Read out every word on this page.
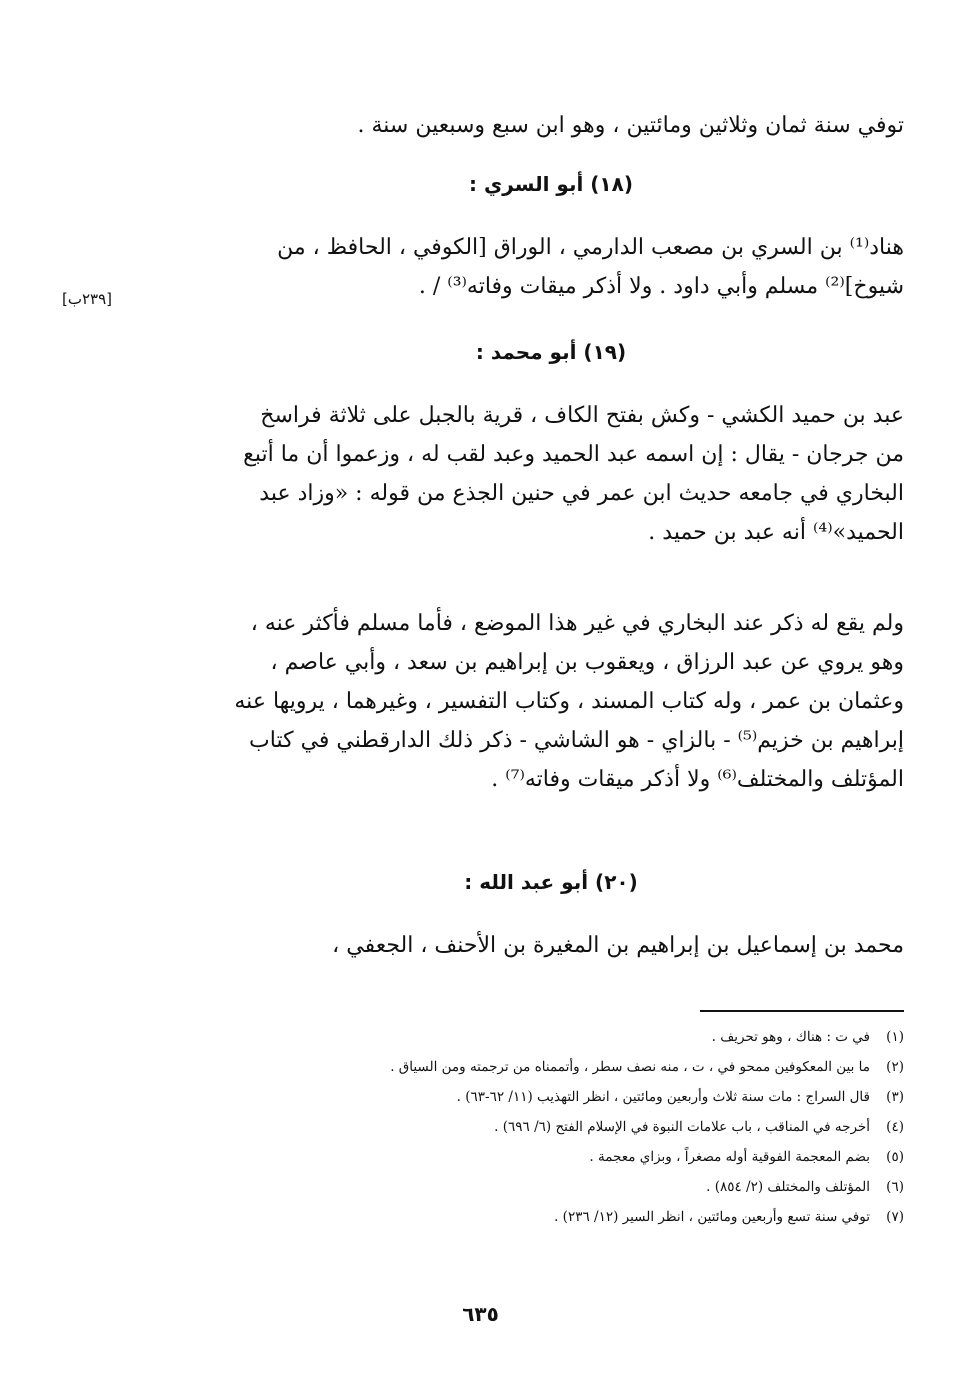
[٢٣٩ب]
توفي سنة ثمان وثلاثين ومائتين ، وهو ابن سبع وسبعين سنة .
(١٨) أبو السري :
هناد⁽¹⁾ بن السري بن مصعب الدارمي ، الوراق [الكوفي ، الحافظ ، من
شيوخ]⁽²⁾ مسلم وأبي داود . ولا أذكر ميقات وفاته⁽³⁾ / .
(١٩) أبو محمد :
عبد بن حميد الكشي - وكش بفتح الكاف ، قرية بالجبل على ثلاثة فراسخ
من جرجان - يقال : إن اسمه عبد الحميد وعبد لقب له ، وزعموا أن ما أتبع
البخاري في جامعه حديث ابن عمر في حنين الجذع من قوله : «وزاد عبد
الحميد»⁽⁴⁾ أنه عبد بن حميد .
ولم يقع له ذكر عند البخاري في غير هذا الموضع ، فأما مسلم فأكثر عنه ،
وهو يروي عن عبد الرزاق ، ويعقوب بن إبراهيم بن سعد ، وأبي عاصم ،
وعثمان بن عمر ، وله كتاب المسند ، وكتاب التفسير ، وغيرهما ، يرويها عنه
إبراهيم بن خزيم⁽⁵⁾ - بالزاي - هو الشاشي - ذكر ذلك الدارقطني في كتاب
المؤتلف والمختلف⁽⁶⁾ ولا أذكر ميقات وفاته⁽⁷⁾ .
(٢٠) أبو عبد الله :
محمد بن إسماعيل بن إبراهيم بن المغيرة بن الأحنف ، الجعفي ،
(١)في ت : هناك ، وهو تحريف .
(٢)ما بين المعكوفين ممحو في ، ت ، منه نصف سطر ، وأتممناه من ترجمته ومن السياق .
(٣)قال السراج : مات سنة ثلاث وأربعين ومائتين ، انظر التهذيب (١١/ ٦٢-٦٣) .
(٤)أخرجه في المناقب ، باب علامات النبوة في الإسلام الفتح (٦/ ٦٩٦) .
(٥)بضم المعجمة الفوقية أوله مصغراً ، وبزاي معجمة .
(٦)المؤتلف والمختلف (٢/ ٨٥٤) .
(٧)توفي سنة تسع وأربعين ومائتين ، انظر السير (١٢/ ٢٣٦) .
٦٣٥
